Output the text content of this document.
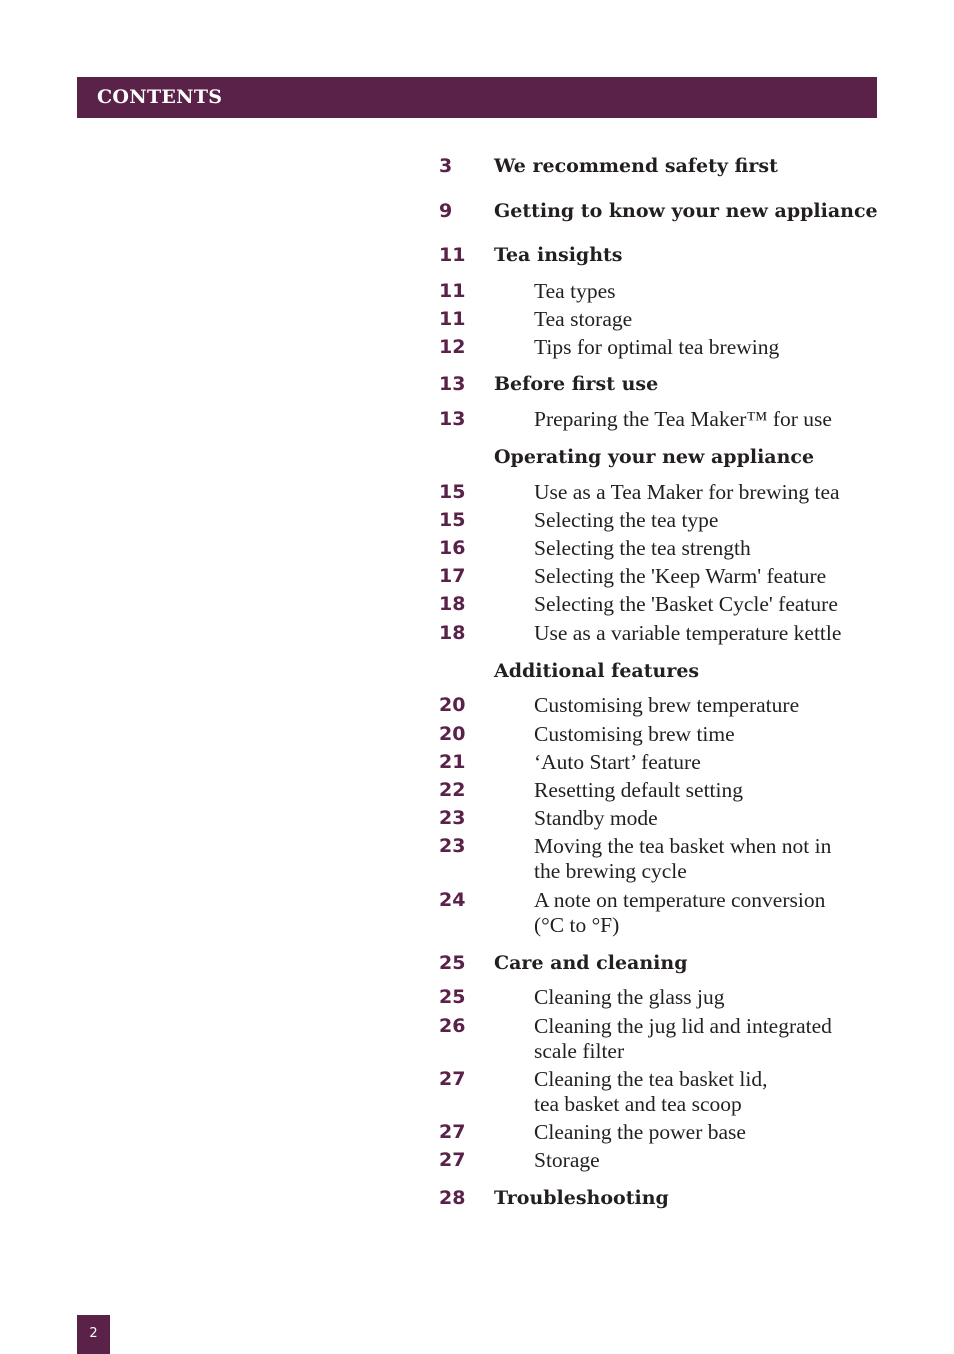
CONTENTS
3	We recommend safety first
9	Getting to know your new appliance
11	Tea insights
11	Tea types
11	Tea storage
12	Tips for optimal tea brewing
13	Before first use
13	Preparing the Tea Maker™ for use
Operating your new appliance
15	Use as a Tea Maker for brewing tea
15	Selecting the tea type
16	Selecting the tea strength
17	Selecting the 'Keep Warm' feature
18	Selecting the 'Basket Cycle' feature
18	Use as a variable temperature kettle
Additional features
20	Customising brew temperature
20	Customising brew time
21	‘Auto Start’ feature
22	Resetting default setting
23	Standby mode
23	Moving the tea basket when not in
the brewing cycle
24	A note on temperature conversion
(°C to °F)
25	Care and cleaning
25	Cleaning the glass jug
26	Cleaning the jug lid and integrated
scale filter
27	Cleaning the tea basket lid,
tea basket and tea scoop
27	Cleaning the power base
27	Storage
28	Troubleshooting
2
